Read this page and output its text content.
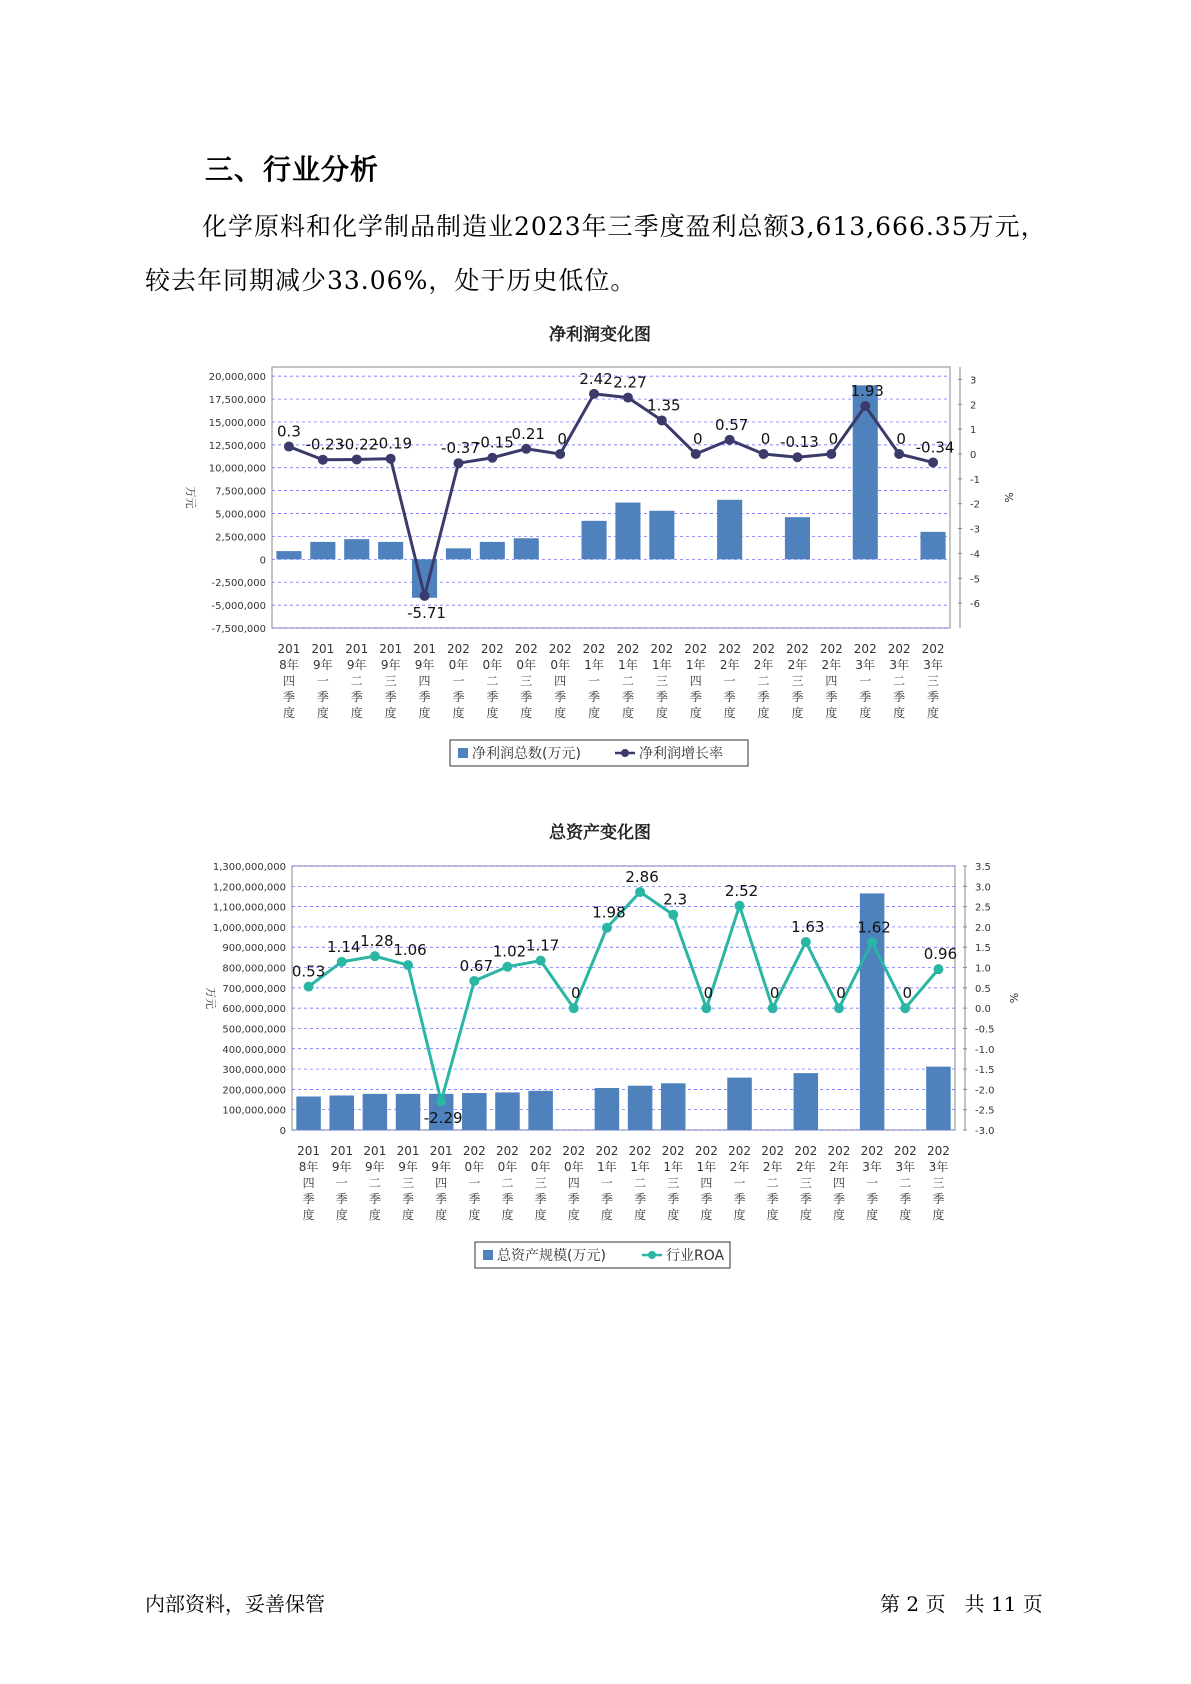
三、行业分析
化学原料和化学制品制造业2023年三季度盈利总额3,613,666.35万元，较去年同期减少33.06%，处于历史低位。
净利润变化图
20,000,000
17,500,000
15,000,000
12,500,000
10,000,000
7,500,000
5,000,000
2,500,000
0
-2,500,000
-5,000,000
-7,500,000
3
2
1
0
-1
-2
-3
-4
-5
-6
万元	%
201
8年
四
季
度
201
9年
一
季
度
201
9年
二
季
度
201
9年
三
季
度
201
9年
四
季
度
202
0年
一
季
度
202
0年
二
季
度
202
0年
三
季
度
202
0年
四
季
度
202
1年
一
季
度
202
1年
二
季
度
202
1年
三
季
度
202
1年
四
季
度
202
2年
一
季
度
202
2年
二
季
度
202
2年
三
季
度
202
2年
四
季
度
202
3年
一
季
度
202
3年
二
季
度
202
3年
三
季
度
0.3
-0.23
-0.22
-0.19
-5.71
-0.37
-0.15
0.21 0
2.42 2.27
1.35
0
0.57
0 -0.13 0
1.93
0 -0.34
净利润总数(万元)	净利润增长率
总资产变化图
1,300,000,000
1,200,000,000
1,100,000,000
1,000,000,000
900,000,000
800,000,000
700,000,000
600,000,000
500,000,000
400,000,000
300,000,000
200,000,000
100,000,000
0
3.5
3.0
2.5
2.0
1.5
1.0
0.5
0.0
-0.5
-1.0
-1.5
-2.0
-2.5
-3.0
万元	%
201
8年
四
季
度
201
9年
一
季
度
201
9年
二
季
度
201
9年
三
季
度
201
9年
四
季
度
202
0年
一
季
度
202
0年
二
季
度
202
0年
三
季
度
202
0年
四
季
度
202
1年
一
季
度
202
1年
二
季
度
202
1年
三
季
度
202
1年
四
季
度
202
2年
一
季
度
202
2年
二
季
度
202
2年
三
季
度
202
2年
四
季
度
202
3年
一
季
度
202
3年
二
季
度
202
3年
三
季
度
0.53
1.14 1.28 1.06
-2.29
0.67
1.02 1.17
0
1.98
2.86
2.3
0
2.52
0
1.63
0
1.62
0
0.96
总资产规模(万元)	行业ROA
内部资料，妥善保管	第 2 页   共 11 页
